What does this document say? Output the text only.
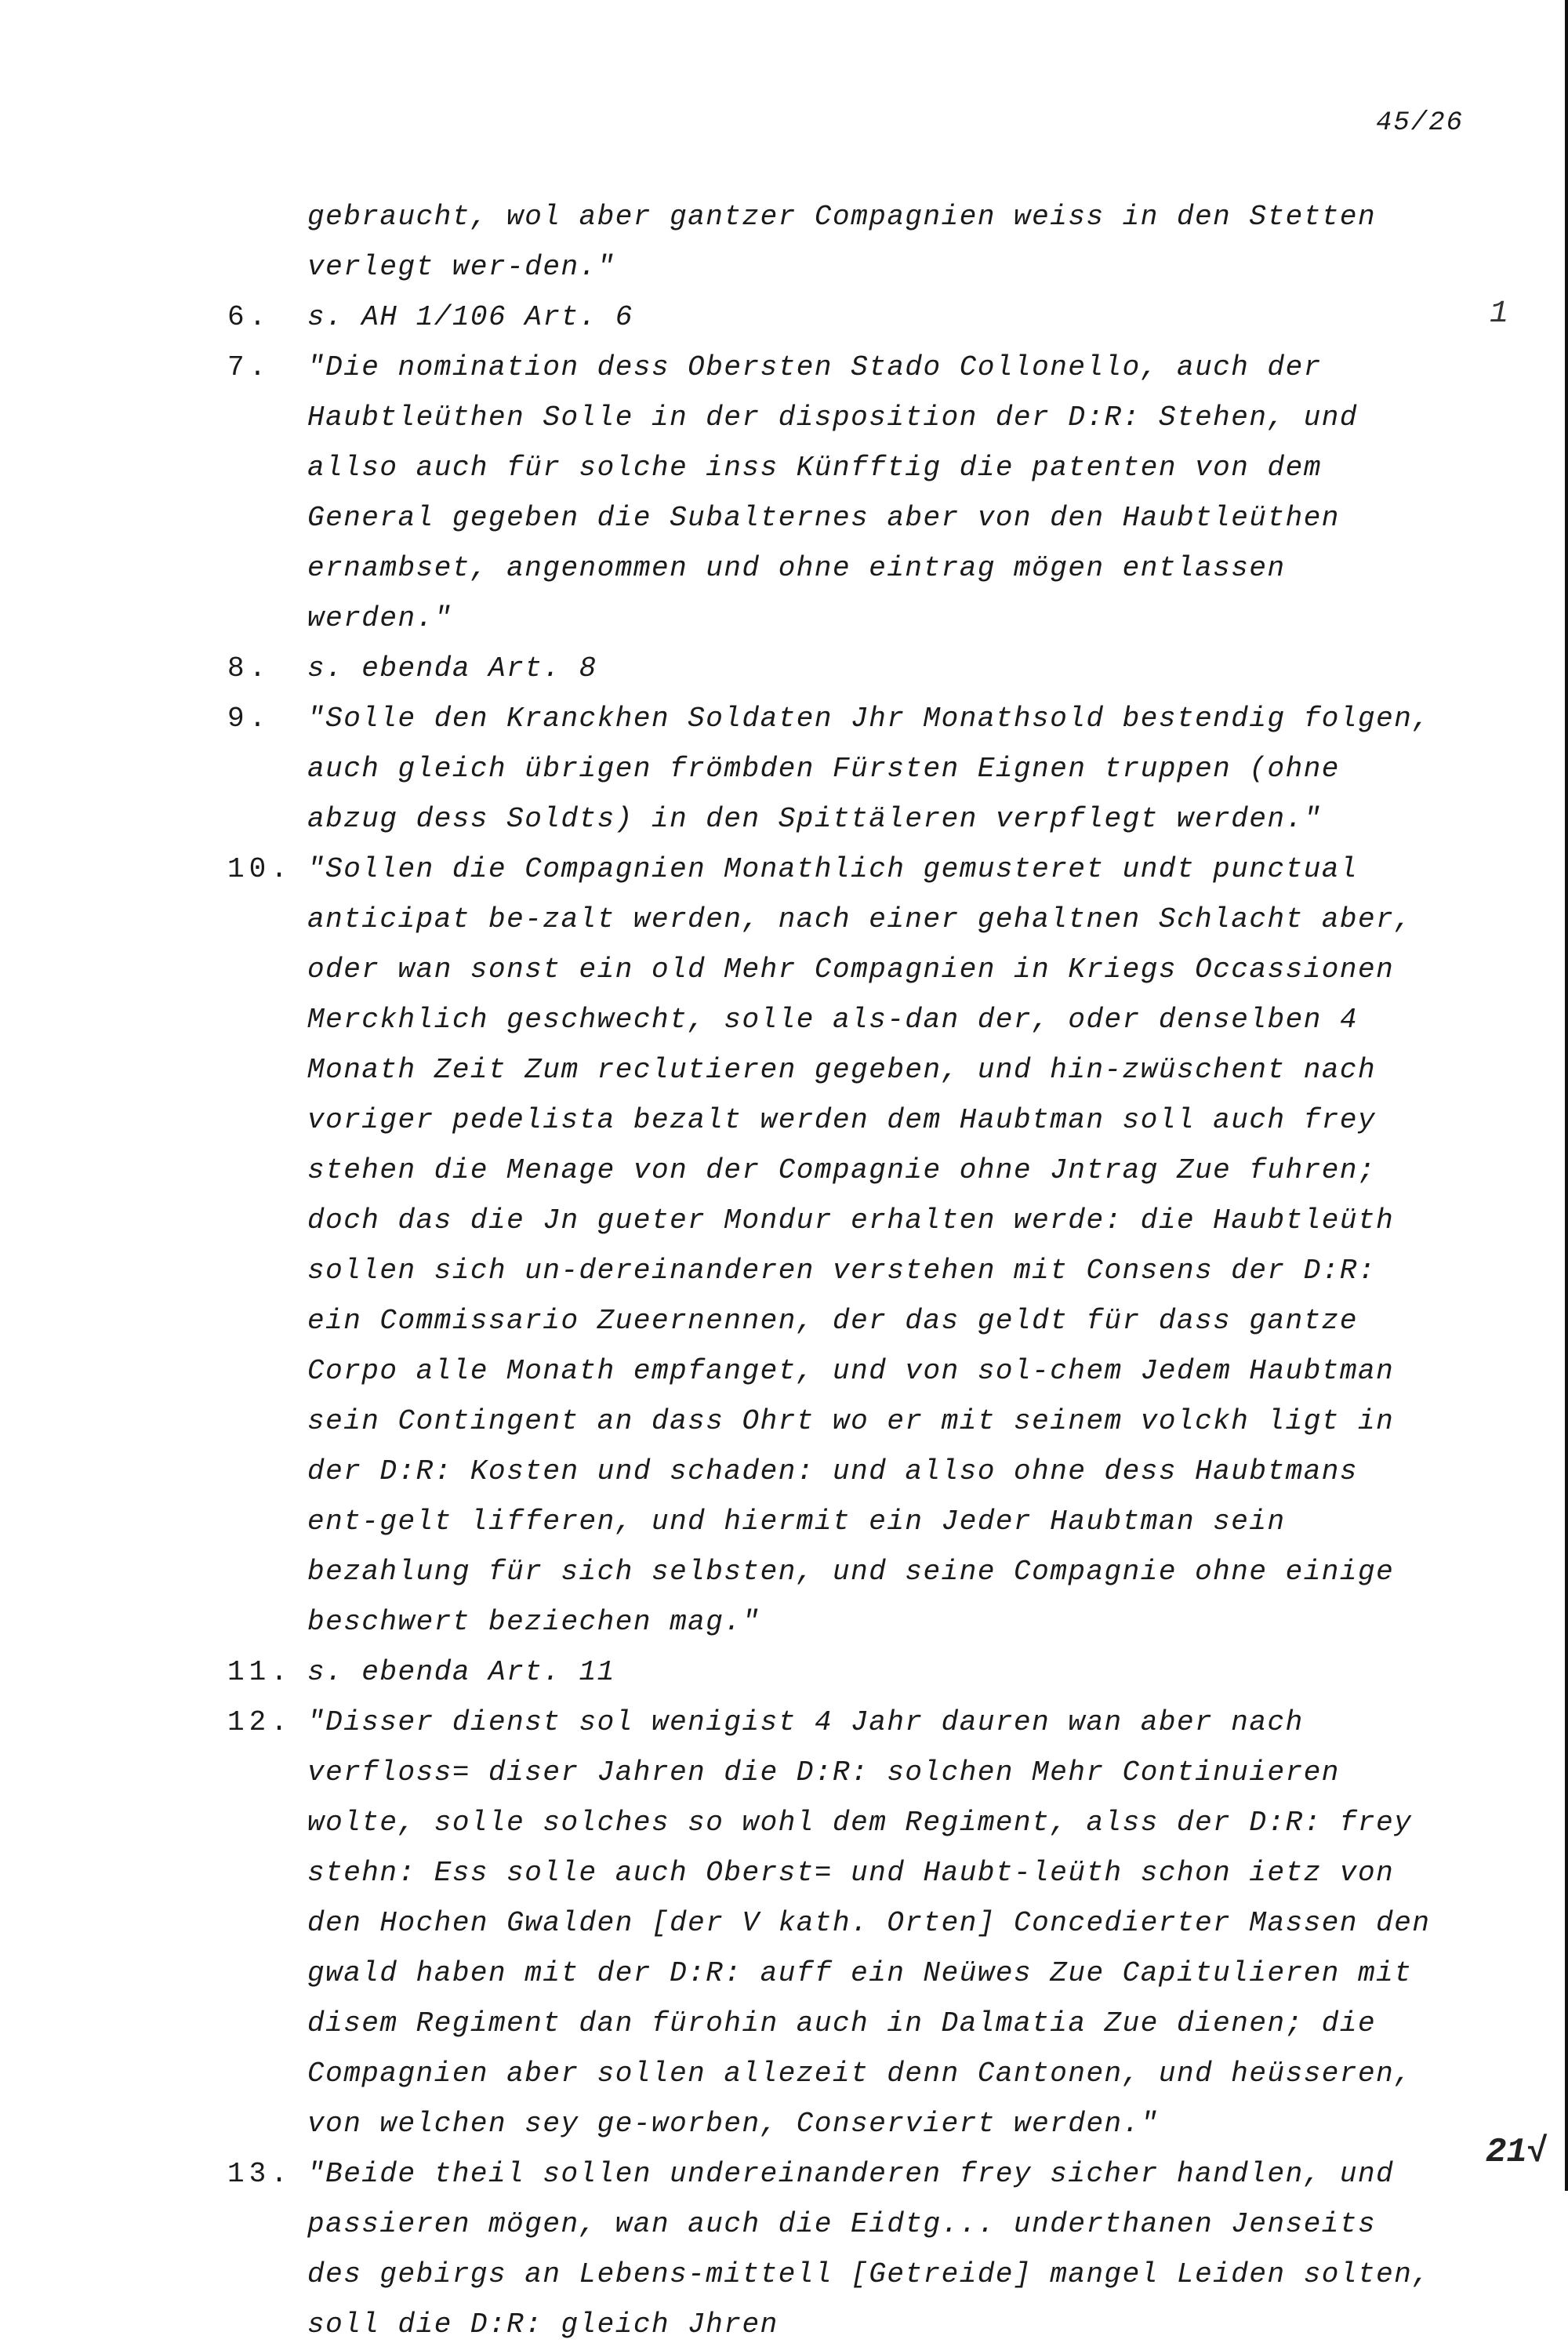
45/26
1
21√
gebraucht, wol aber gantzer Compagnien weiss in den Stetten verlegt wer-den."
6. s. AH 1/106 Art. 6
7. "Die nomination dess Obersten Stado Collonello, auch der Haubtleüthen Solle in der disposition der D:R: Stehen, und allso auch für solche inss Künfftig die patenten von dem General gegeben die Subalternes aber von den Haubtleüthen ernambset, angenommen und ohne eintrag mögen entlassen werden."
8. s. ebenda Art. 8
9. "Solle den Kranckhen Soldaten Jhr Monathsold bestendig folgen, auch gleich übrigen frömbden Fürsten Eignen truppen (ohne abzug dess Soldts) in den Spittäleren verpflegt werden."
10. "Sollen die Compagnien Monathlich gemusteret undt punctual anticipat be-zalt werden, nach einer gehaltnen Schlacht aber, oder wan sonst ein old Mehr Compagnien in Kriegs Occassionen Merckhlich geschwecht, solle als-dan der, oder denselben 4 Monath Zeit Zum reclutieren gegeben, und hin-zwüschent nach voriger pedelista bezalt werden dem Haubtman soll auch frey stehen die Menage von der Compagnie ohne Jntrag Zue fuhren; doch das die Jn gueter Mondur erhalten werde: die Haubtleüth sollen sich un-dereinanderen verstehen mit Consens der D:R: ein Commissario Zueernennen, der das geldt für dass gantze Corpo alle Monath empfanget, und von sol-chem Jedem Haubtman sein Contingent an dass Ohrt wo er mit seinem volckh ligt in der D:R: Kosten und schaden: und allso ohne dess Haubtmans ent-gelt lifferen, und hiermit ein Jeder Haubtman sein bezahlung für sich selbsten, und seine Compagnie ohne einige beschwert beziechen mag."
11. s. ebenda Art. 11
12. "Disser dienst sol wenigist 4 Jahr dauren wan aber nach verfloss= diser Jahren die D:R: solchen Mehr Continuieren wolte, solle solches so wohl dem Regiment, alss der D:R: frey stehn: Ess solle auch Oberst= und Haubt-leüth schon ietz von den Hochen Gwalden [der V kath. Orten] Concedierter Massen den gwald haben mit der D:R: auff ein Neüwes Zue Capitulieren mit disem Regiment dan fürohin auch in Dalmatia Zue dienen; die Compagnien aber sollen allezeit denn Cantonen, und heüsseren, von welchen sey ge-worben, Conserviert werden."
13. "Beide theil sollen undereinanderen frey sicher handlen, und passieren mögen, wan auch die Eidtg... underthanen Jenseits des gebirgs an Lebens-mittell [Getreide] mangel Leiden solten, soll die D:R: gleich Jhren
